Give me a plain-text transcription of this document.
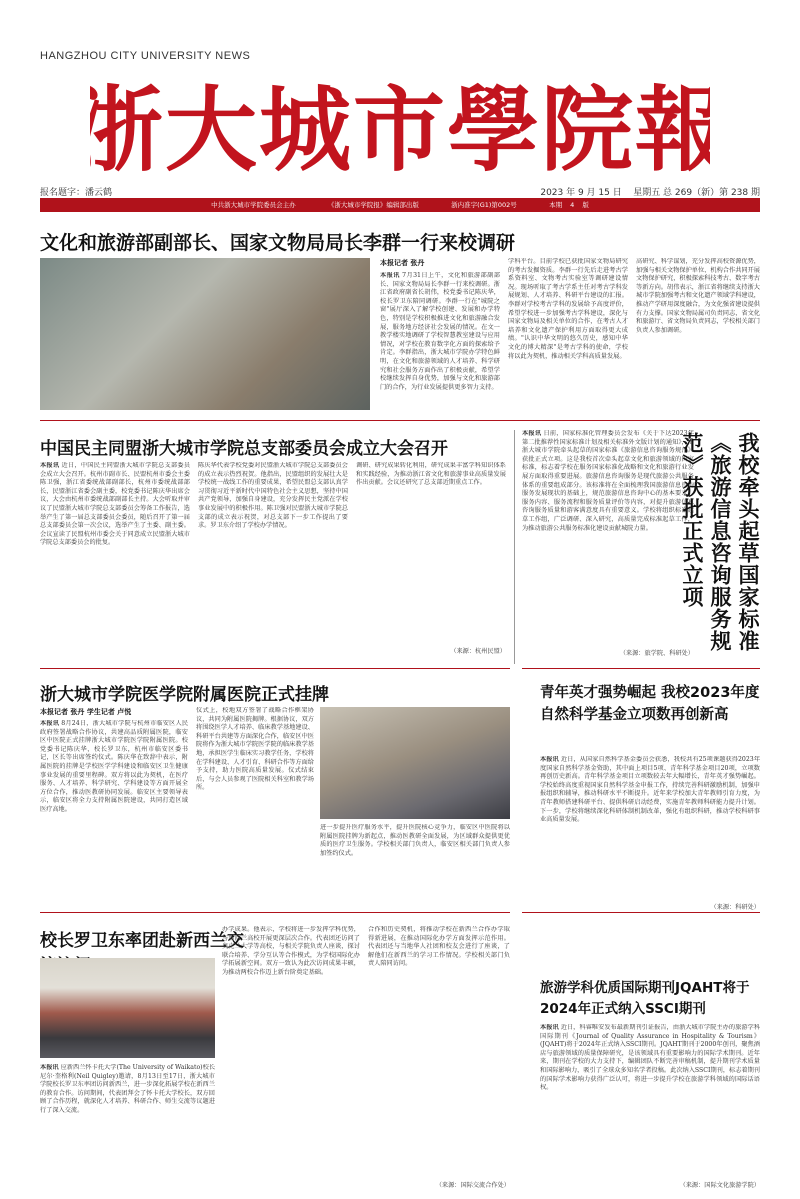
HANGZHOU CITY UNIVERSITY NEWS
浙大城市學院報
报名题字：潘云鹤	2023 年 9 月 15 日 星期五 总 269（新）第 238 期
中共浙大城市学院委员会主办	《浙大城市学院报》编辑部出版	浙内准字(G1)第002号	本期 4 版
文化和旅游部副部长、国家文物局局长李群一行来校调研
本报记者 张丹
本报讯 7月31日上午，文化和旅游部副部长、国家文物局局长李群一行来校调研。浙江省政府副省长胡伟，校党委书记陈庆华，校长罗卫东陪同调研。李群一行在"城院之窗"展厅深入了解学校创建、发展和办学特色，特别是学校积极推进文化和旅游融合发展，服务地方经济社会发展的情况。在文一教学楼实地调研了学校智慧教室建设与应用情况，对学校在教育数字化方面的探索给予肯定。李群指出，浙大城市学院办学特色鲜明，在文化和旅游领域的人才培养、科学研究和社会服务方面作出了积极贡献，希望学校继续发挥自身优势，加强与文化和旅游部门的合作，为行业发展提供更多智力支持。
学科平台。目前学校已获批国家文物局研究的考古发掘资质。李群一行先后走进考古学系资料室、文物考古实验室等调研建设情况。现场听取了考古学系主任对考古学科发展规划、人才培养、科研平台建设的汇报。李群对学校考古学科的发展给予高度评价，希望学校进一步加强考古学科建设，深化与国家文物局及相关单位的合作，在考古人才培养和文化遗产保护利用方面取得更大成绩。"认识中华文明的悠久历史，感知中华文化的博大精深"是考古学科的使命，学校将以此为契机，推动相关学科高质量发展。
高研究、科学谋划，充分发挥高校资源优势，加强与相关文物保护单位、机构合作共同开展文物保护研究，积极探索科技考古、数字考古等新方向。胡伟表示，浙江省将继续支持浙大城市学院加强考古和文化遗产领域学科建设，推动产学研用深度融合，为文化强省建设提供有力支撑。国家文物局属司负责同志，省文化和旅游厅、省文物局负责同志，学校相关部门负责人参加调研。
中国民主同盟浙大城市学院总支部委员会成立大会召开
本报讯 近日，中国民主同盟浙大城市学院总支部委员会成立大会召开。杭州市副市长、民盟杭州市委会主委陈卫强，浙江省委统战部副部长，杭州市委统战部部长，民盟浙江省委会副主委，校党委书记陈庆华出席会议，大会由杭州市委统战部副部长主持。大会听取并审议了民盟浙大城市学院总支部委员会筹备工作报告，选举产生了第一届总支部委员会委员，随后召开了第一届总支部委员会第一次会议，选举产生了主委、副主委。会议宣读了民盟杭州市委会关于同意成立民盟浙大城市学院总支部委员会的批复。
陈庆华代表学校党委对民盟浙大城市学院总支部委员会的成立表示热烈祝贺。他指出，民盟组织的发展壮大是学校统一战线工作的重要成果，希望民盟总支部认真学习贯彻习近平新时代中国特色社会主义思想，坚持中国共产党领导，加强自身建设，充分发挥民主党派在学校事业发展中的积极作用。陈卫强对民盟浙大城市学院总支部的成立表示祝贺，对总支部下一步工作提出了要求。罗卫东介绍了学校办学情况。
调研、研究成果转化利用，研究成果丰富学科知识体系和实践经验，为推动浙江省文化和旅游事业高质量发展作出贡献。会议还研究了总支部近期重点工作。
（来源：杭州民盟）
本报讯 日前，国家标准化管理委员会发布《关于下达2023年第二批推荐性国家标准计划及相关标准外文版计划的通知》，由浙大城市学院牵头起草的国家标准《旅游信息咨询服务规范》获批正式立项。这是我校首次牵头起草文化和旅游领域的国家标准，标志着学校在服务国家标准化战略和文化和旅游行业发展方面取得重要进展。旅游信息咨询服务是现代旅游公共服务体系的重要组成部分。该标准将在全面梳理我国旅游信息咨询服务发展现状的基础上，规范旅游信息咨询中心的基本要求、服务内容、服务流程和服务质量评价等内容，对提升旅游信息咨询服务质量和游客满意度具有重要意义。学校将组织标准起草工作组，广泛调研、深入研究，高质量完成标准起草工作，为推动旅游公共服务标准化建设贡献城院力量。
（来源：旅学院、科研处）
我校牵头起草国家标准《旅游信息咨询服务规范》获批正式立项
浙大城市学院医学院附属医院正式挂牌
本报记者 张丹 学生记者 卢悦
本报讯 8月24日，浙大城市学院与杭州市临安区人民政府签署战略合作协议，共建高品质附属医院，临安区中医院正式挂牌浙大城市学院医学院附属医院。校党委书记陈庆华，校长罗卫东，杭州市临安区委书记，区长等出席签约仪式。陈庆华在致辞中表示，附属医院的挂牌是学校医学学科建设和临安区卫生健康事业发展的重要里程碑。双方将以此为契机，在医疗服务、人才培养、科学研究、学科建设等方面开展全方位合作，推动医教研协同发展。临安区主要领导表示，临安区将全力支持附属医院建设，共同打造区域医疗高地。
仪式上，校地双方签署了战略合作框架协议，共同为附属医院揭牌。根据协议，双方将围绕医学人才培养、临床教学基地建设、科研平台共建等方面深化合作，临安区中医院将作为浙大城市学院医学院的临床教学基地，承担医学生临床实习教学任务，学校将在学科建设、人才引育、科研合作等方面给予支持，助力医院高质量发展。仪式结束后，与会人员参观了医院相关科室和教学场所。
进一步提升医疗服务水平，提升医院核心竞争力，临安区中医院将以附属医院挂牌为新起点，推动医教研全面发展，为区域群众提供更优质的医疗卫生服务。学校相关部门负责人，临安区相关部门负责人参加签约仪式。
青年英才强势崛起 我校2023年度自然科学基金立项数再创新高
本报讯 近日，从国家自然科学基金委员会获悉，我校共有25项课题获得2023年度国家自然科学基金资助，其中面上项目5项、青年科学基金项目20项，立项数再创历史新高。青年科学基金项目立项数较去年大幅增长，青年英才强势崛起。学校始终高度重视国家自然科学基金申报工作，持续完善科研激励机制，加强申报组织和辅导，推动科研水平不断提升。近年来学校加大青年教师引育力度，为青年教师搭建科研平台、提供科研启动经费，实施青年教师科研能力提升计划。下一步，学校将继续深化科研体制机制改革，强化有组织科研，推动学校科研事业高质量发展。
（来源：科研处）
校长罗卫东率团赴新西兰交
本报讯 应新西兰怀卡托大学(The University of Waikato)校长尼尔·奎格利(Neil Quigley)邀请，8月13日至17日，浙大城市学院校长罗卫东率团访问新西兰，进一步深化拓展学校在新西兰的教育合作。访问期间，代表团拜会了怀卡托大学校长，双方回顾了合作历程，就深化人才培养、科研合作、师生交流等议题进行了深入交流。
办学成果。他表示，学校将进一步发挥学科优势，与新西兰高校开展更深层次合作。代表团还访问了奥克兰大学等高校，与相关学院负责人座谈，探讨联合培养、学分互认等合作模式，为学校国际化办学拓展新空间。双方一致认为此次访问成果丰硕，为推动两校合作迈上新台阶奠定基础。
合作和历史契机，将推动学校在新西兰合作办学取得新进展，在推动国际化办学方面发挥示范作用。代表团还与当地华人社团和校友会进行了座谈，了解他们在新西兰的学习工作情况。学校相关部门负责人陪同访问。
（来源：国际交流合作处）
旅游学科优质国际期刊JQAHT将于2024年正式纳入SSCI期刊
本报讯 近日，科睿唯安发布最新期刊引证报告，由浙大城市学院主办的旅游学科国际期刊《Journal of Quality Assurance in Hospitality & Tourism》(JQAHT)将于2024年正式纳入SSCI期刊。JQAHT期刊于2000年创刊，聚焦酒店与旅游领域的质量保障研究，是该领域具有重要影响力的国际学术期刊。近年来，期刊在学校的大力支持下，编辑团队不断完善审稿机制，提升期刊学术质量和国际影响力，吸引了全球众多知名学者投稿。此次纳入SSCI期刊，标志着期刊的国际学术影响力获得广泛认可，将进一步提升学校在旅游学科领域的国际话语权。
（来源：国际文化旅游学院）
